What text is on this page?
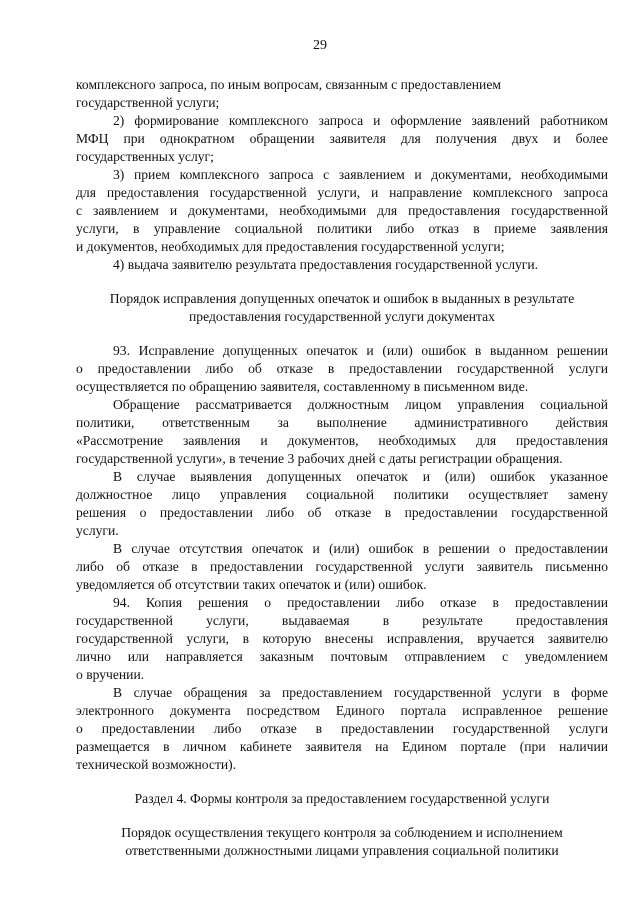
29
комплексного запроса, по иным вопросам, связанным с предоставлением
государственной услуги;
2) формирование комплексного запроса и оформление заявлений работником
МФЦ при однократном обращении заявителя для получения двух и более
государственных услуг;
3) прием комплексного запроса с заявлением и документами, необходимыми
для предоставления государственной услуги, и направление комплексного запроса
с заявлением и документами, необходимыми для предоставления государственной
услуги, в управление социальной политики либо отказ в приеме заявления
и документов, необходимых для предоставления государственной услуги;
4) выдача заявителю результата предоставления государственной услуги.
Порядок исправления допущенных опечаток и ошибок в выданных в результате
предоставления государственной услуги документах
93. Исправление допущенных опечаток и (или) ошибок в выданном решении
о предоставлении либо об отказе в предоставлении государственной услуги
осуществляется по обращению заявителя, составленному в письменном виде.
Обращение рассматривается должностным лицом управления социальной
политики, ответственным за выполнение административного действия
«Рассмотрение заявления и документов, необходимых для предоставления
государственной услуги», в течение 3 рабочих дней с даты регистрации обращения.
В случае выявления допущенных опечаток и (или) ошибок указанное
должностное лицо управления социальной политики осуществляет замену
решения о предоставлении либо об отказе в предоставлении государственной
услуги.
В случае отсутствия опечаток и (или) ошибок в решении о предоставлении
либо об отказе в предоставлении государственной услуги заявитель письменно
уведомляется об отсутствии таких опечаток и (или) ошибок.
94. Копия решения о предоставлении либо отказе в предоставлении
государственной услуги, выдаваемая в результате предоставления
государственной услуги, в которую внесены исправления, вручается заявителю
лично или направляется заказным почтовым отправлением с уведомлением
о вручении.
В случае обращения за предоставлением государственной услуги в форме
электронного документа посредством Единого портала исправленное решение
о предоставлении либо отказе в предоставлении государственной услуги
размещается в личном кабинете заявителя на Едином портале (при наличии
технической возможности).
Раздел 4. Формы контроля за предоставлением государственной услуги
Порядок осуществления текущего контроля за соблюдением и исполнением
ответственными должностными лицами управления социальной политики
